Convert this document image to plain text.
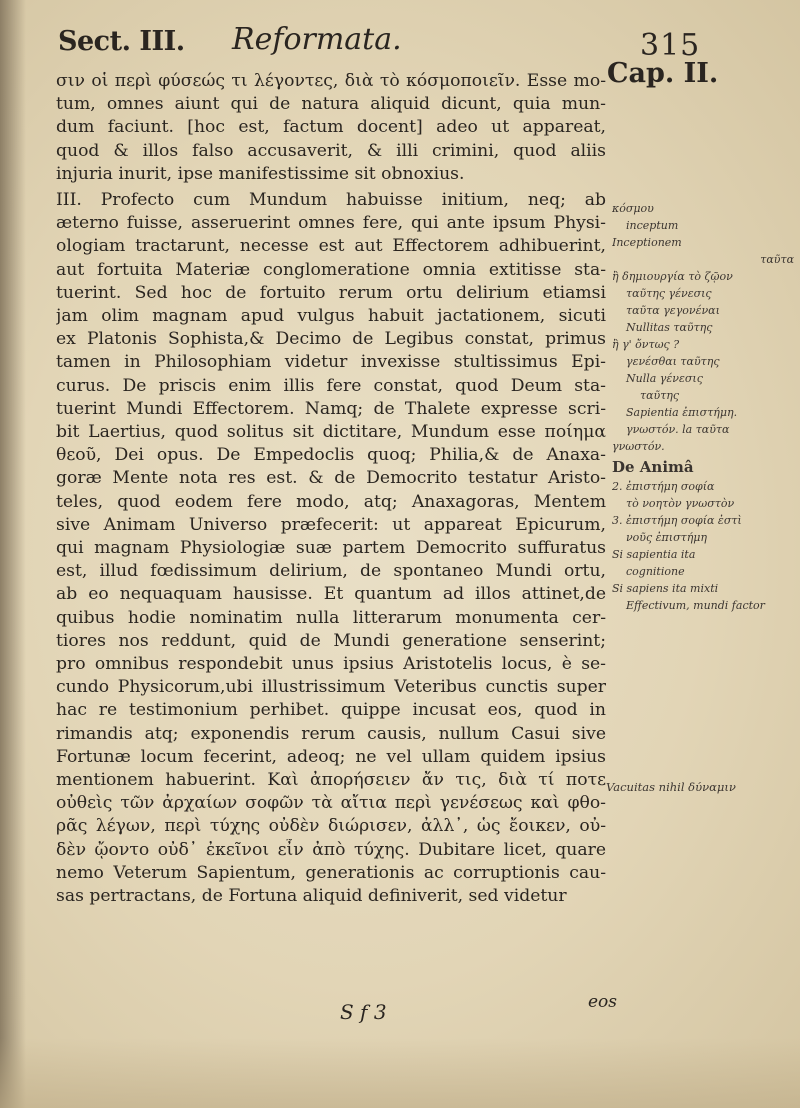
Sect. III. Reformata.	315
Cap. II.
σιν οἱ περὶ φύσεώς τι λέγοντες, διὰ τὸ κόσμοποιεῖν. Esse mo-
tum, omnes aiunt qui de natura aliquid dicunt, quia mun-
dum faciunt. [hoc est, factum docent] adeo ut appareat,
quod & illos falso accusaverit, & illi crimini, quod aliis
injuria inurit, ipse manifestissime sit obnoxius.
III. Profecto cum Mundum habuisse initium, neq; ab
æterno fuisse, asseruerint omnes fere, qui ante ipsum Physi-
ologiam tractarunt, necesse est aut Effectorem adhibuerint,
aut fortuita Materiæ conglomeratione omnia extitisse sta-
tuerint. Sed hoc de fortuito rerum ortu delirium etiamsi
jam olim magnam apud vulgus habuit jactationem, sicuti
ex Platonis Sophista,& Decimo de Legibus constat, primus
tamen in Philosophiam videtur invexisse stultissimus Epi-
curus. De priscis enim illis fere constat, quod Deum sta-
tuerint Mundi Effectorem. Namq; de Thalete expresse scri-
bit Laertius, quod solitus sit dictitare, Mundum esse ποίημα
θεοῦ, Dei opus. De Empedoclis quoq; Philia,& de Anaxa-
goræ Mente nota res est. & de Democrito testatur Aristo-
teles, quod eodem fere modo, atq; Anaxagoras, Mentem
sive Animam Universo præfecerit: ut appareat Epicurum,
qui magnam Physiologiæ suæ partem Democrito suffuratus
est, illud fœdissimum delirium, de spontaneo Mundi ortu,
ab eo nequaquam hausisse. Et quantum ad illos attinet,de
quibus hodie nominatim nulla litterarum monumenta cer-
tiores nos reddunt, quid de Mundi generatione senserint;
pro omnibus respondebit unus ipsius Aristotelis locus, è se-
cundo Physicorum,ubi illustrissimum Veteribus cunctis super
hac re testimonium perhibet. quippe incusat eos, quod in
rimandis atq; exponendis rerum causis, nullum Casui sive
Fortunæ locum fecerint, adeoq; ne vel ullam quidem ipsius
mentionem habuerint. Καὶ ἀπορήσειεν ἄν τις, διὰ τί ποτε
οὐθεὶς τῶν ἀρχαίων σοφῶν τὰ αἴτια περὶ γενέσεως καὶ φθο-
ρᾶς λέγων, περὶ τύχης οὐδὲν διώρισεν, ἀλλ᾽, ὡς ἔοικεν, οὐ-
δὲν ᾤοντο οὐδ᾽ ἐκεῖνοι εἶν ἀπὸ τύχης. Dubitare licet, quare
nemo Veterum Sapientum, generationis ac corruptionis cau-
sas pertractans, de Fortuna aliquid definiverit, sed videtur
κόσμου
inceptum
Inceptionem
ταῦτα
ἢ δημιουργία τὸ ζῷον
ταῦτης γένεσις
ταῦτα γεγονέναι
Nullitas ταῦτης
ἢ γ' ὄντως ?
γενέσθαι ταῦτης
Nulla γένεσις
ταῦτης
Sapientia ἐπιστήμη.
γνωστόν. la ταῦτα
γνωστόν.
De Animâ
2. ἐπιστήμη σοφία
τὸ νοητὸν γνωστὸν
3. ἐπιστήμη σοφία ἐστὶ
νοῦς ἐπιστήμη
Si sapientia ita
cognitione
Si sapiens ita mixti
Effectivum, mundi factor
Vacuitas nihil δύναμιν
S f 3	eos
